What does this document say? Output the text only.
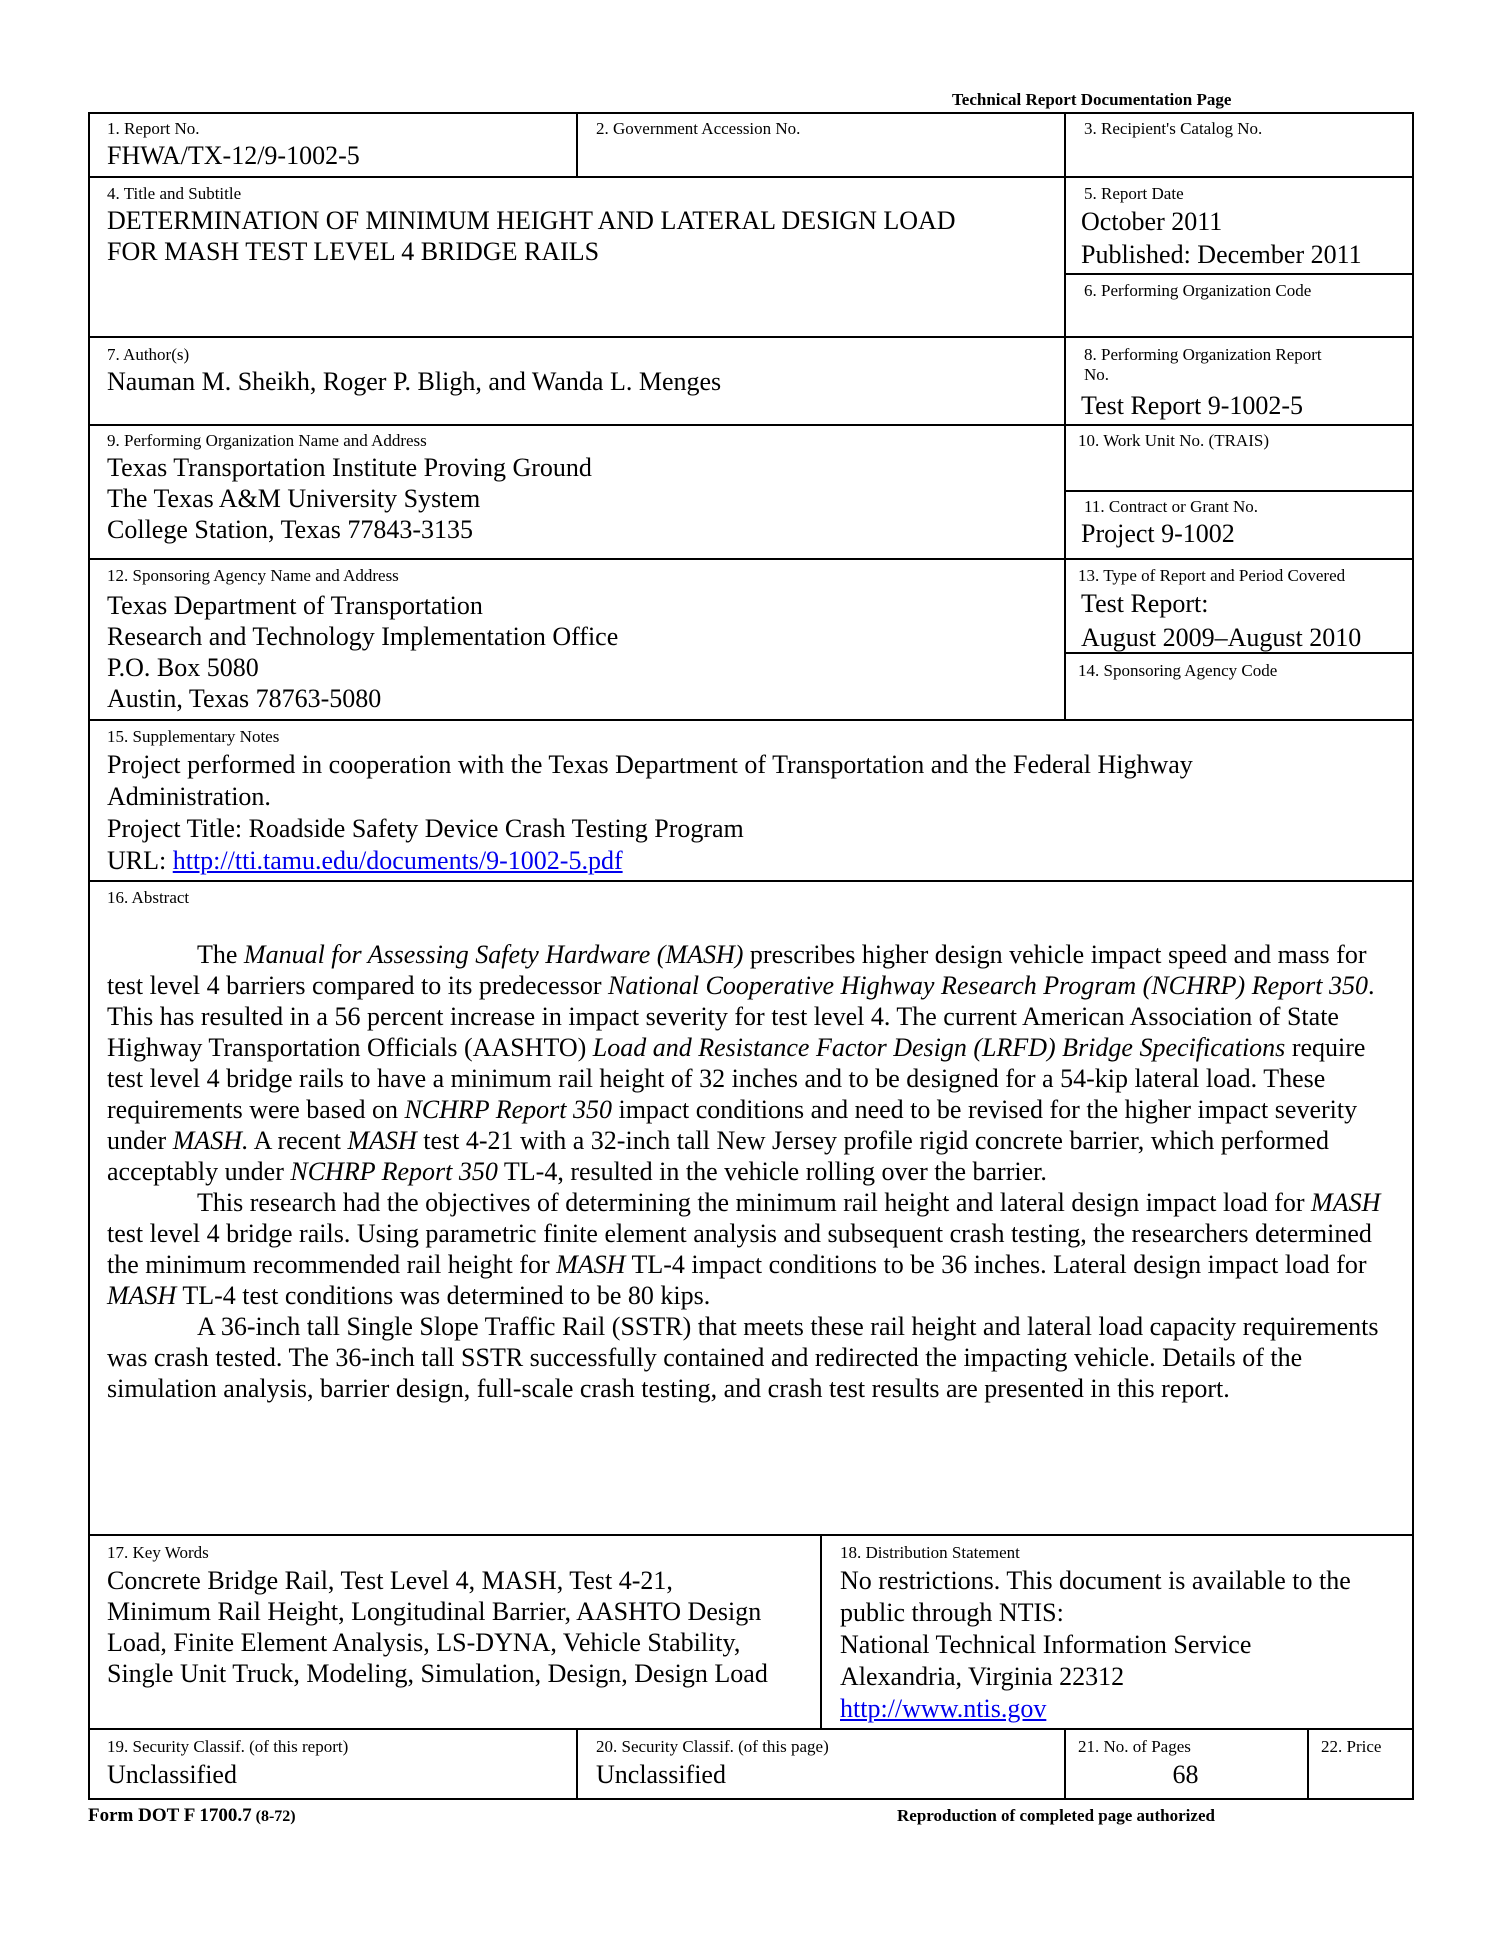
Technical Report Documentation Page
1. Report No.
FHWA/TX-12/9-1002-5
2. Government Accession No.	3. Recipient's Catalog No.
4. Title and Subtitle
DETERMINATION OF MINIMUM HEIGHT AND LATERAL DESIGN LOAD
FOR MASH TEST LEVEL 4 BRIDGE RAILS
5. Report Date
October 2011
Published: December 2011
6. Performing Organization Code
7. Author(s)
Nauman M. Sheikh, Roger P. Bligh, and Wanda L. Menges
8. Performing Organization Report
No.
Test Report 9-1002-5
9. Performing Organization Name and Address
Texas Transportation Institute Proving Ground
The Texas A&M University System
College Station, Texas 77843-3135
10. Work Unit No. (TRAIS)
11. Contract or Grant No.
Project 9-1002
12. Sponsoring Agency Name and Address
Texas Department of Transportation
Research and Technology Implementation Office
P.O. Box 5080
Austin, Texas 78763-5080
13. Type of Report and Period Covered
Test Report:
August 2009–August 2010
14. Sponsoring Agency Code
15. Supplementary Notes
Project performed in cooperation with the Texas Department of Transportation and the Federal Highway
Administration.
Project Title: Roadside Safety Device Crash Testing Program
URL: http://tti.tamu.edu/documents/9-1002-5.pdf
16. Abstract

The Manual for Assessing Safety Hardware (MASH) prescribes higher design vehicle impact speed and mass for test level 4 barriers compared to its predecessor National Cooperative Highway Research Program (NCHRP) Report 350. This has resulted in a 56 percent increase in impact severity for test level 4. The current American Association of State Highway Transportation Officials (AASHTO) Load and Resistance Factor Design (LRFD) Bridge Specifications require test level 4 bridge rails to have a minimum rail height of 32 inches and to be designed for a 54-kip lateral load. These requirements were based on NCHRP Report 350 impact conditions and need to be revised for the higher impact severity under MASH. A recent MASH test 4-21 with a 32-inch tall New Jersey profile rigid concrete barrier, which performed acceptably under NCHRP Report 350 TL-4, resulted in the vehicle rolling over the barrier.

This research had the objectives of determining the minimum rail height and lateral design impact load for MASH test level 4 bridge rails. Using parametric finite element analysis and subsequent crash testing, the researchers determined the minimum recommended rail height for MASH TL-4 impact conditions to be 36 inches. Lateral design impact load for MASH TL-4 test conditions was determined to be 80 kips.

A 36-inch tall Single Slope Traffic Rail (SSTR) that meets these rail height and lateral load capacity requirements was crash tested. The 36-inch tall SSTR successfully contained and redirected the impacting vehicle. Details of the simulation analysis, barrier design, full-scale crash testing, and crash test results are presented in this report.

17. Key Words
Concrete Bridge Rail, Test Level 4, MASH, Test 4-21,
Minimum Rail Height, Longitudinal Barrier, AASHTO Design
Load, Finite Element Analysis, LS-DYNA, Vehicle Stability,
Single Unit Truck, Modeling, Simulation, Design, Design Load
18. Distribution Statement
No restrictions. This document is available to the
public through NTIS:
National Technical Information Service
Alexandria, Virginia 22312
http://www.ntis.gov
19. Security Classif. (of this report)
Unclassified
20. Security Classif. (of this page)
Unclassified
21. No. of Pages
68
22. Price
Form DOT F 1700.7 (8-72)	Reproduction of completed page authorized
